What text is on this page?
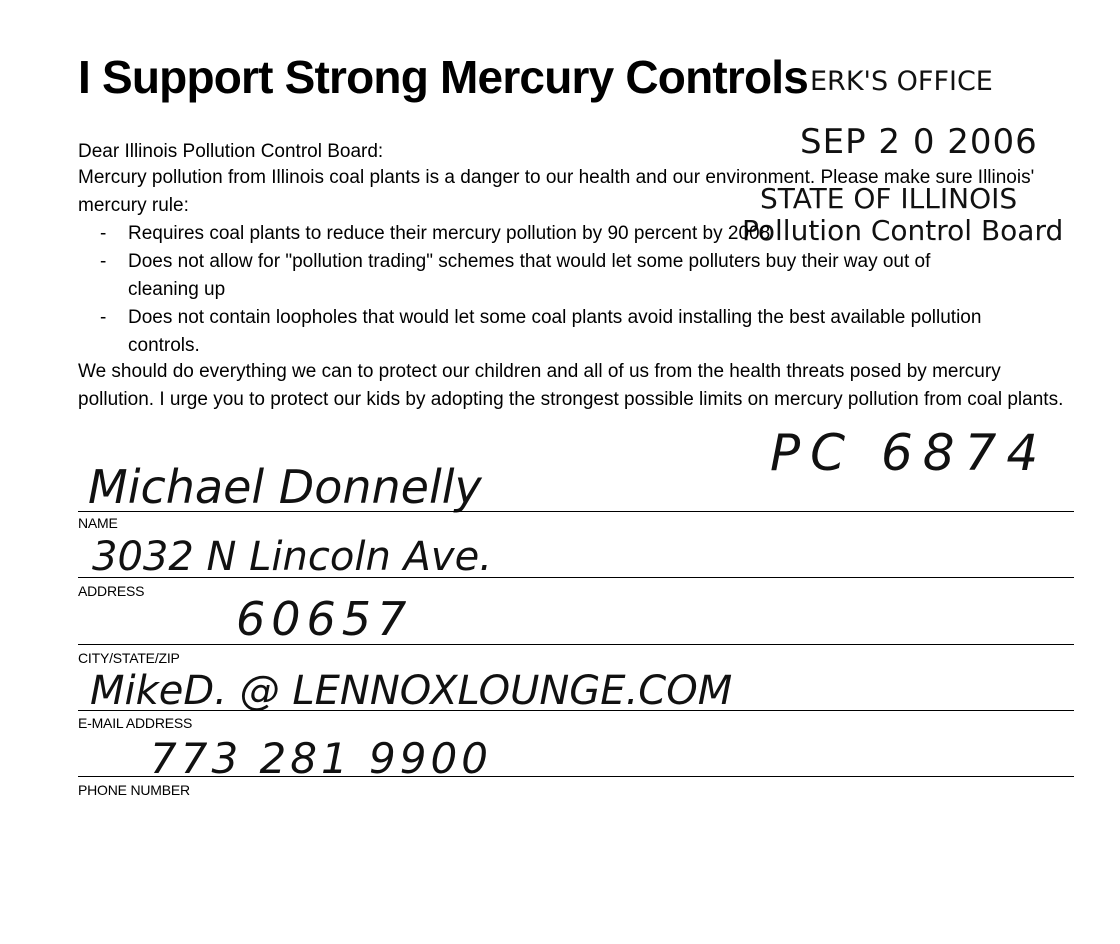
I Support Strong Mercury Controls ERK'S OFFICE
SEP 2 0 2006
STATE OF ILLINOIS
Pollution Control Board
Dear Illinois Pollution Control Board:
Mercury pollution from Illinois coal plants is a danger to our health and our environment. Please make sure Illinois' mercury rule:
- Requires coal plants to reduce their mercury pollution by 90 percent by 2008
- Does not allow for "pollution trading" schemes that would let some polluters buy their way out of cleaning up
- Does not contain loopholes that would let some coal plants avoid installing the best available pollution controls.
We should do everything we can to protect our children and all of us from the health threats posed by mercury pollution. I urge you to protect our kids by adopting the strongest possible limits on mercury pollution from coal plants.
PC 6874
Michael Donnelly
NAME
3032 N Lincoln Ave.
ADDRESS
60657
CITY/STATE/ZIP
MikeD. @ LENNOXLOUNGE.COM
E-MAIL ADDRESS
773 281 9900
PHONE NUMBER
